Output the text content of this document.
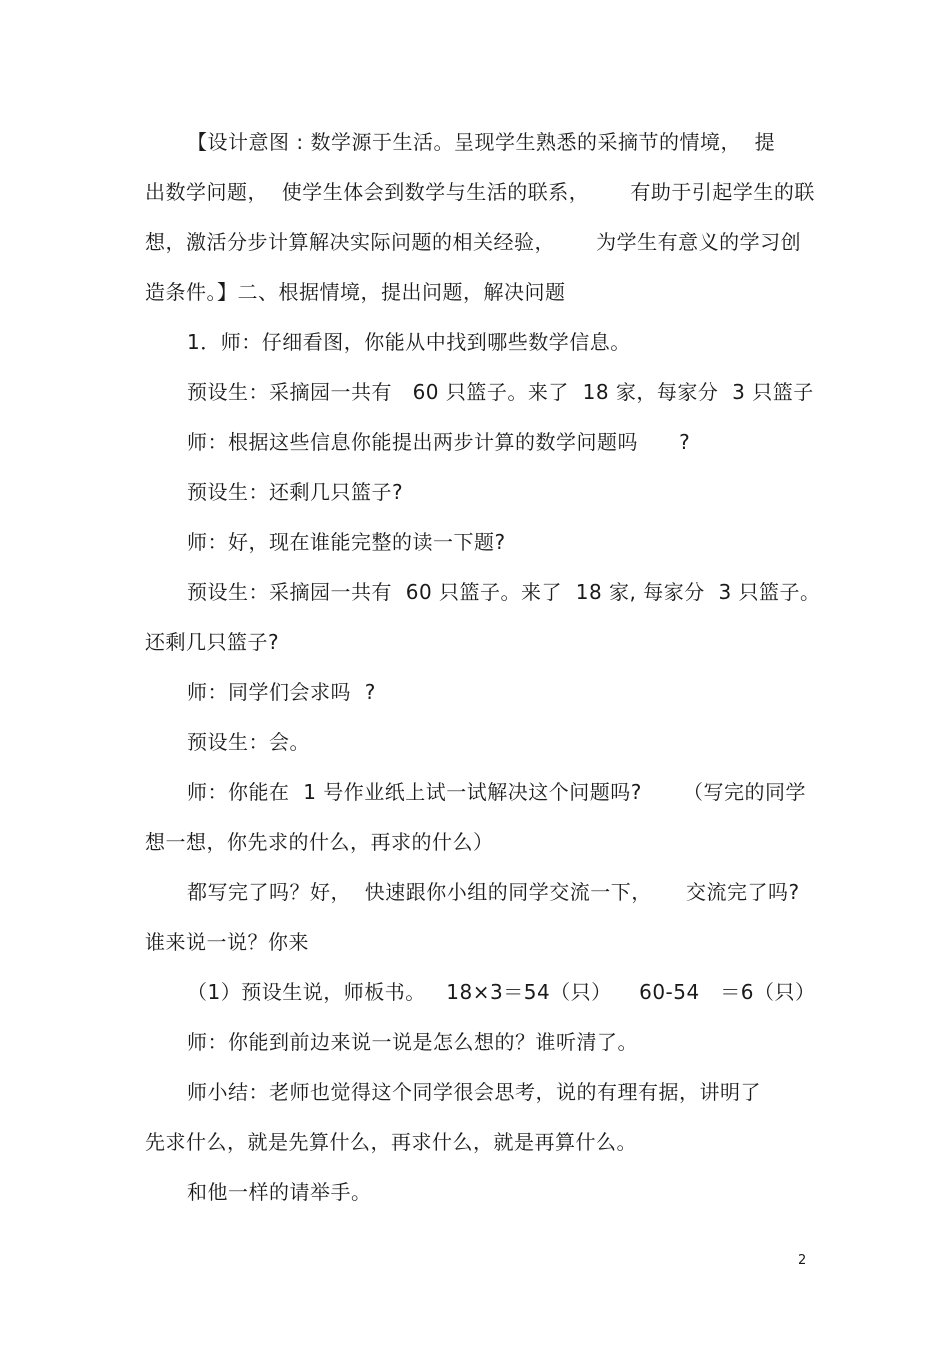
【设计意图 : 数学源于生活。呈现学生熟悉的采摘节的情境，  提
出数学问题，  使学生体会到数学与生活的联系，      有助于引起学生的联
想，激活分步计算解决实际问题的相关经验，      为学生有意义的学习创
造条件。】二、根据情境，提出问题，解决问题
1．师：仔细看图，你能从中找到哪些数学信息。
预设生：采摘园一共有   60 只篮子。来了  18 家，每家分  3 只篮子
师：根据这些信息你能提出两步计算的数学问题吗      ?
预设生：还剩几只篮子?
师：好，现在谁能完整的读一下题?
预设生：采摘园一共有  60 只篮子。来了  18 家, 每家分  3 只篮子。
还剩几只篮子?
师：同学们会求吗  ?
预设生：会。
师：你能在  1 号作业纸上试一试解决这个问题吗?      （写完的同学
想一想，你先求的什么，再求的什么）
都写完了吗？好，  快速跟你小组的同学交流一下，     交流完了吗?
谁来说一说？你来
（1）预设生说，师板书。   18×3＝54（只）    60-54   ＝6（只）
师：你能到前边来说一说是怎么想的？谁听清了。
师小结：老师也觉得这个同学很会思考，说的有理有据，讲明了
先求什么，就是先算什么，再求什么，就是再算什么。
和他一样的请举手。
2
